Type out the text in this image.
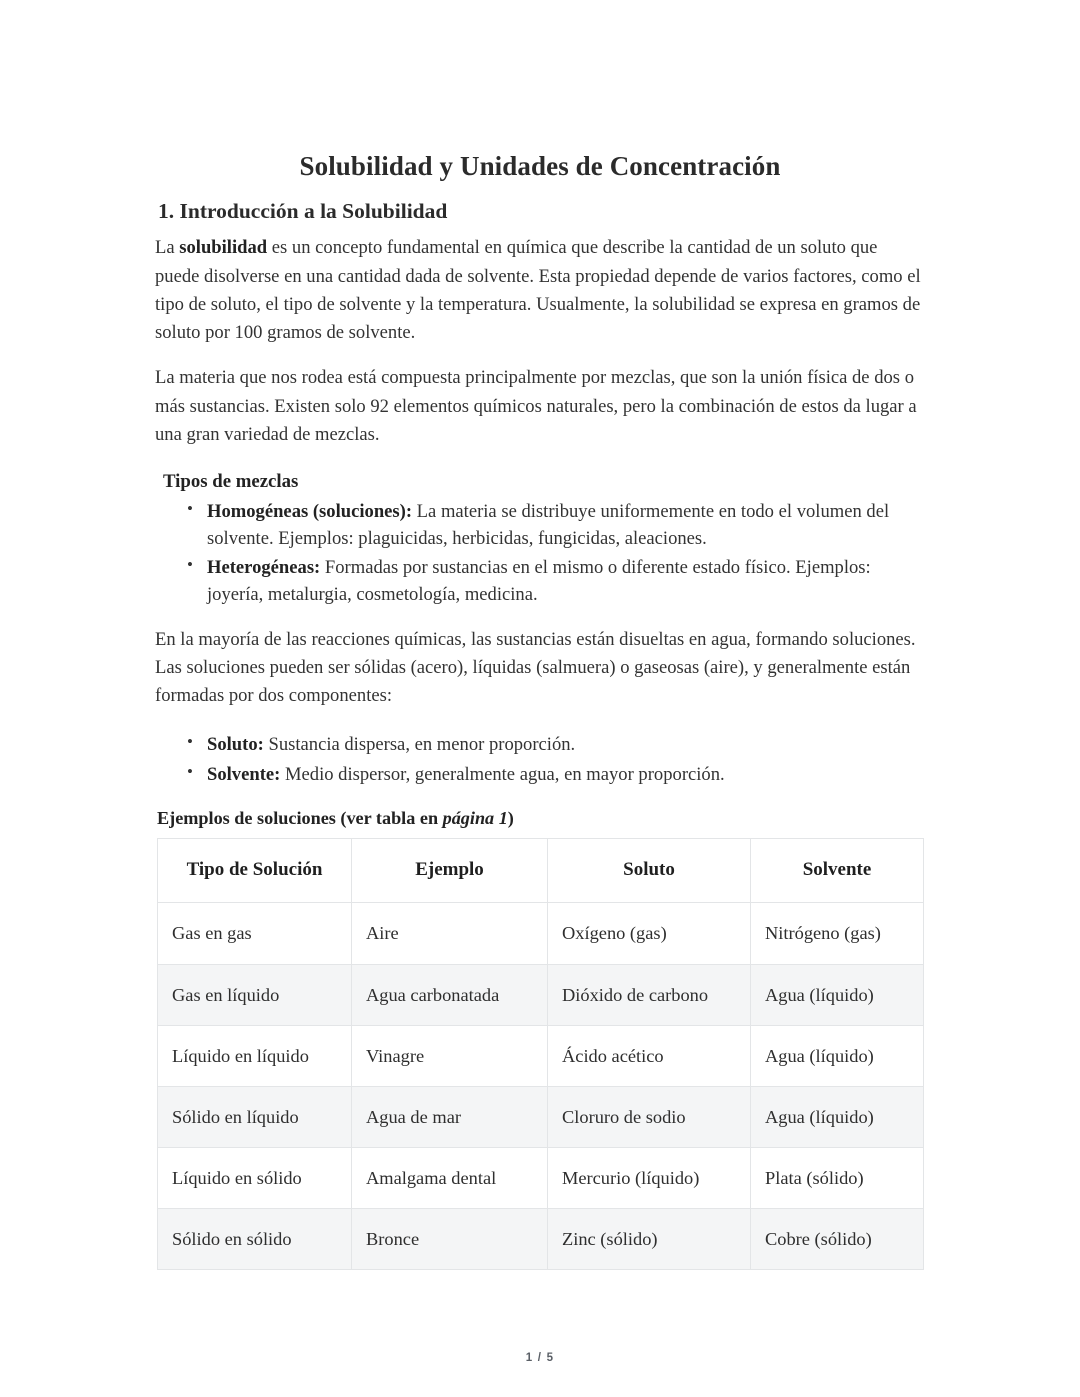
Solubilidad y Unidades de Concentración
1. Introducción a la Solubilidad

La solubilidad es un concepto fundamental en química que describe la cantidad de un soluto que puede disolverse en una cantidad dada de solvente. Esta propiedad depende de varios factores, como el tipo de soluto, el tipo de solvente y la temperatura. Usualmente, la solubilidad se expresa en gramos de soluto por 100 gramos de solvente.

La materia que nos rodea está compuesta principalmente por mezclas, que son la unión física de dos o más sustancias. Existen solo 92 elementos químicos naturales, pero la combinación de estos da lugar a una gran variedad de mezclas.

Tipos de mezclas
• Homogéneas (soluciones): La materia se distribuye uniformemente en todo el volumen del solvente. Ejemplos: plaguicidas, herbicidas, fungicidas, aleaciones.
• Heterogéneas: Formadas por sustancias en el mismo o diferente estado físico. Ejemplos: joyería, metalurgia, cosmetología, medicina.

En la mayoría de las reacciones químicas, las sustancias están disueltas en agua, formando soluciones. Las soluciones pueden ser sólidas (acero), líquidas (salmuera) o gaseosas (aire), y generalmente están formadas por dos componentes:

• Soluto: Sustancia dispersa, en menor proporción.
• Solvente: Medio dispersor, generalmente agua, en mayor proporción.
Ejemplos de soluciones (ver tabla en página 1)
Tipo de Solución	Ejemplo	Soluto	Solvente
Gas en gas	Aire	Oxígeno (gas)	Nitrógeno (gas)
Gas en líquido	Agua carbonatada	Dióxido de carbono	Agua (líquido)
Líquido en líquido	Vinagre	Ácido acético	Agua (líquido)
Sólido en líquido	Agua de mar	Cloruro de sodio	Agua (líquido)
Líquido en sólido	Amalgama dental	Mercurio (líquido)	Plata (sólido)
Sólido en sólido	Bronce	Zinc (sólido)	Cobre (sólido)
1 / 5
